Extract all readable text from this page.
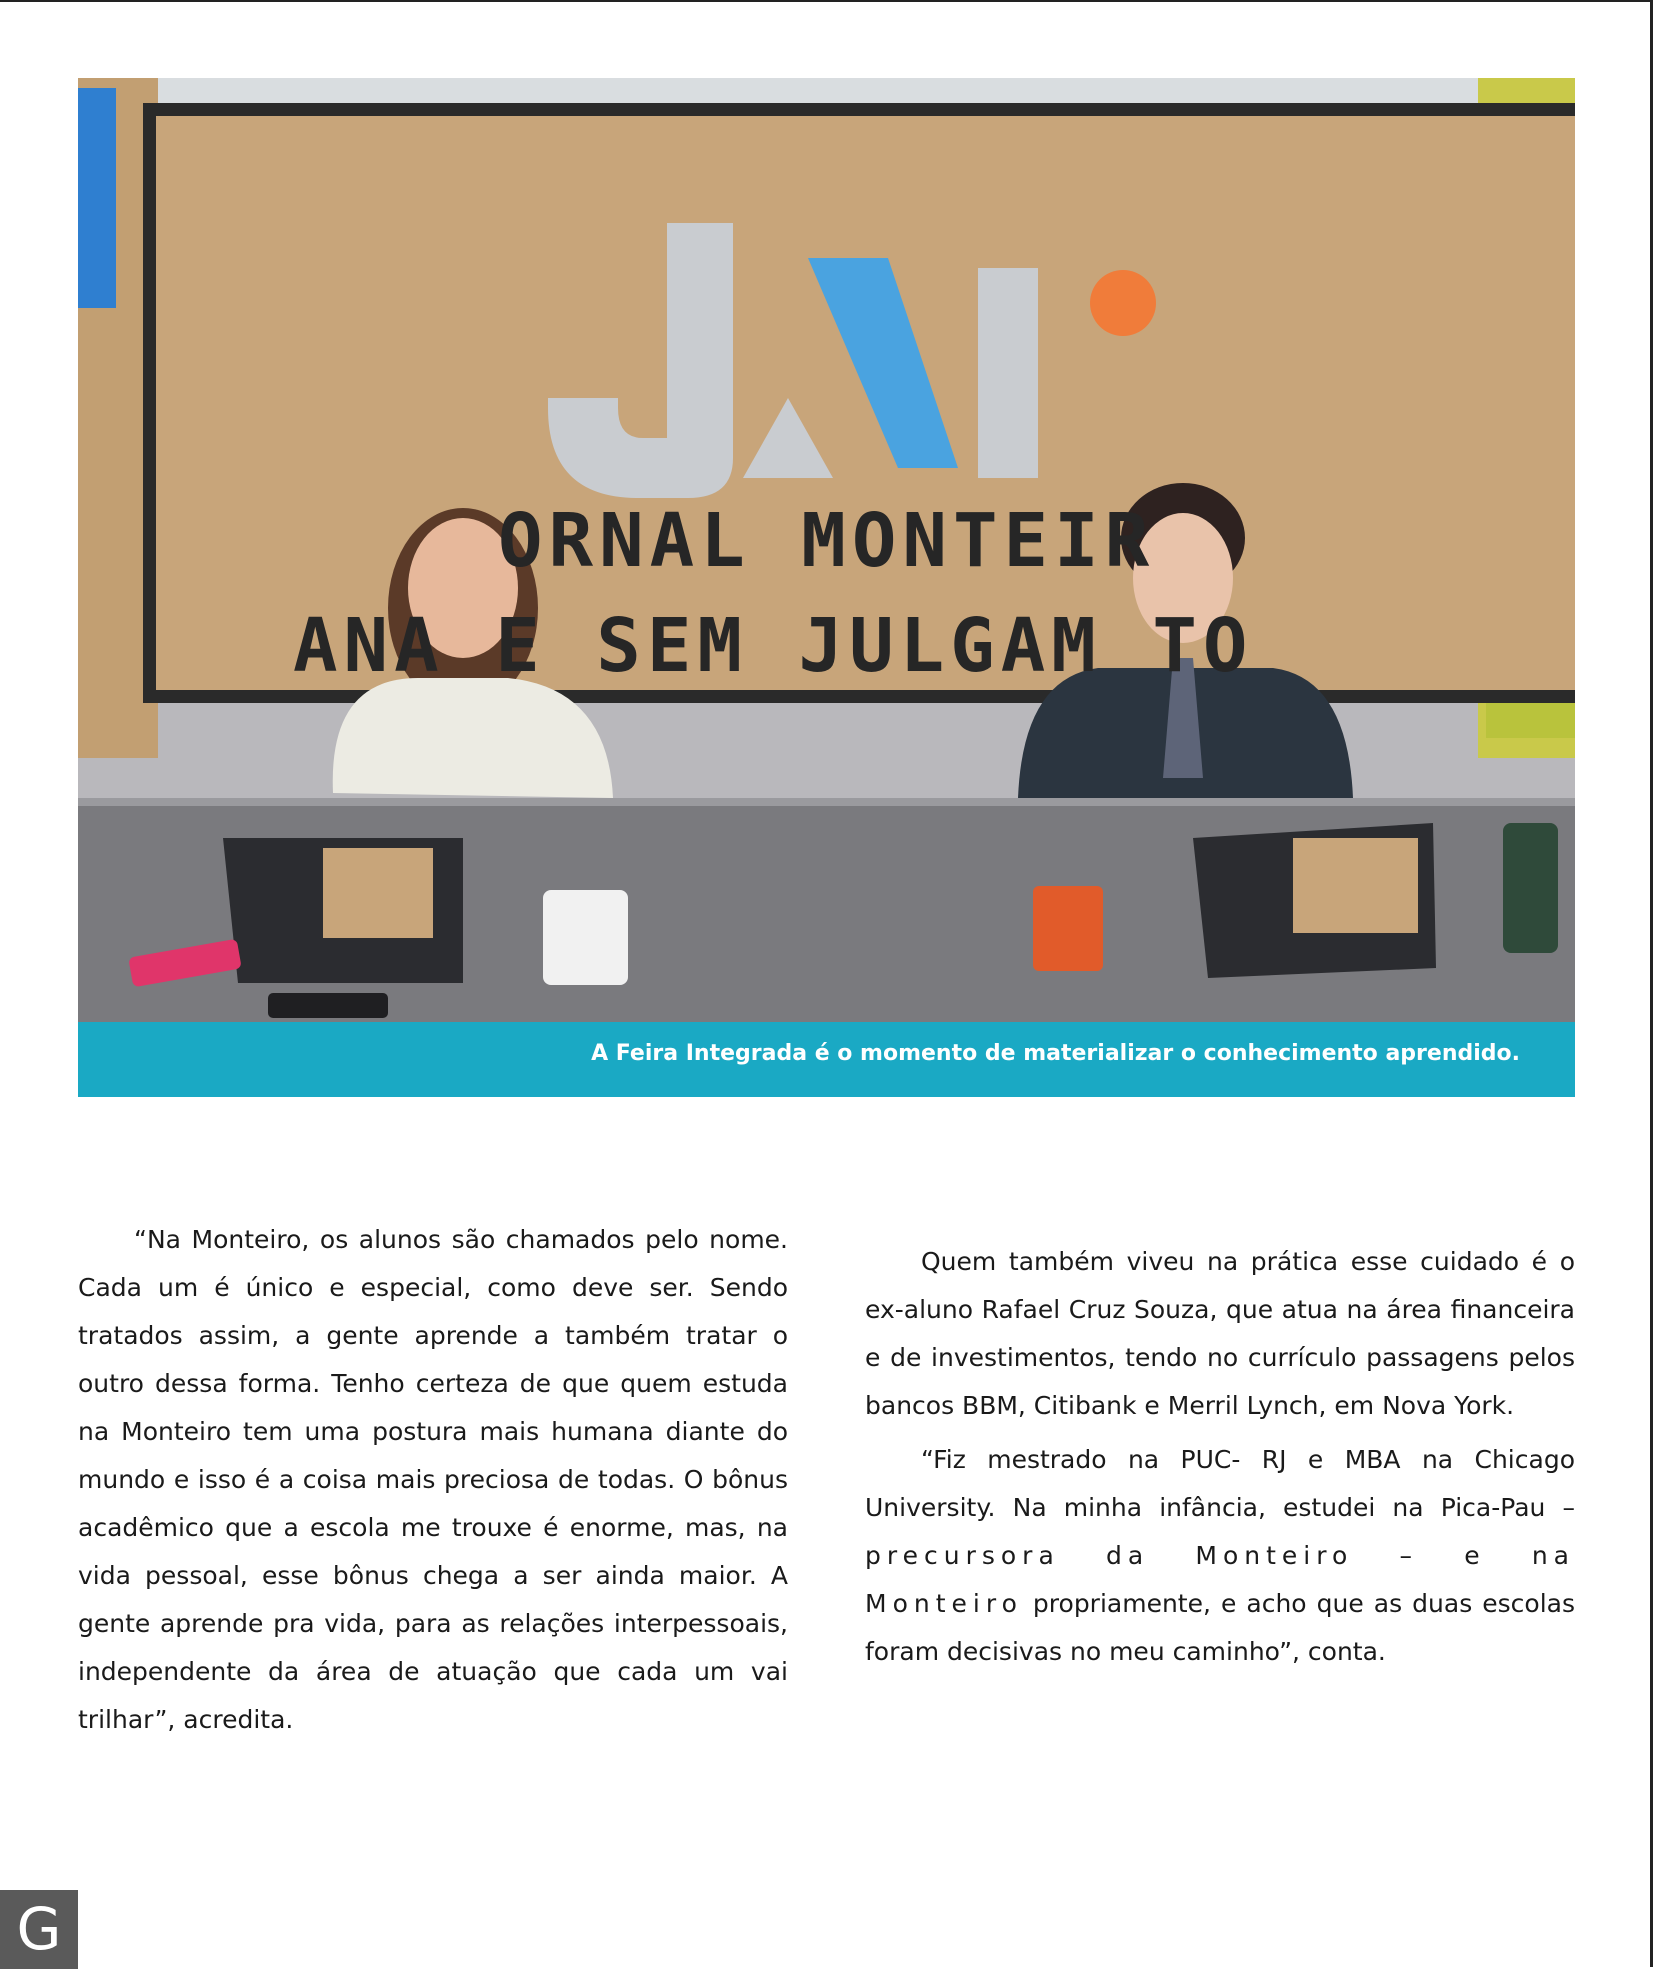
ORNAL MONTEIR
ANA E SEM JULGAM TO
A Feira Integrada é o momento de materializar o conhecimento aprendido.

“Na Monteiro, os alunos são chamados pelo nome. Cada um é único e especial, como deve ser. Sendo tratados assim, a gente aprende a também tratar o outro dessa forma. Tenho certeza de que quem estuda na Monteiro tem uma postura mais humana diante do mundo e isso é a coisa mais preciosa de todas. O bônus acadêmico que a escola me trouxe é enorme, mas, na vida pessoal, esse bônus chega a ser ainda maior. A gente aprende pra vida, para as relações interpessoais, independente da área de atuação que cada um vai trilhar”, acredita.

Quem também viveu na prática esse cuidado é o ex-aluno Rafael Cruz Souza, que atua na área financeira e de investimentos, tendo no currículo passagens pelos bancos BBM, Citibank e Merril Lynch, em Nova York.

“Fiz mestrado na PUC- RJ e MBA na Chicago University. Na minha infância, estudei na Pica-Pau – precursora da Monteiro – e na Monteiro propriamente, e acho que as duas escolas foram decisivas no meu caminho”, conta.

G
